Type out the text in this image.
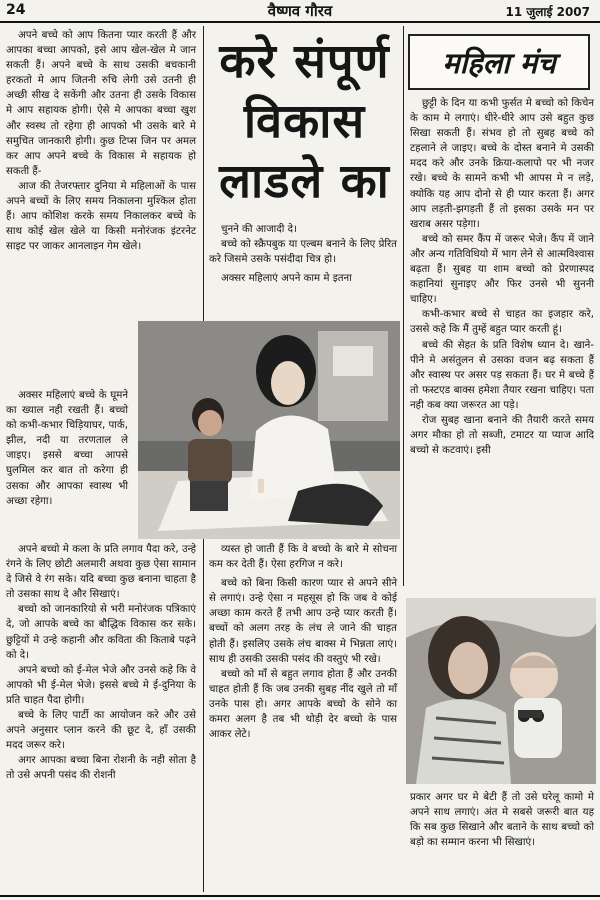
24	वैष्णव गौरव	11 जुलाई 2007

अपने बच्चे को आप कितना प्यार करती हैं और आपका बच्चा आपको, इसे आप खेल-खेल मे जान सकती हैं। अपने बच्चे के साथ उसकी बचकानी हरकतो मे आप जितनी रुचि लेगी उसे उतनी ही अच्छी सीख दे सकेंगी और उतना ही उसके विकास मे आप सहायक होगी। ऐसे मे आपका बच्चा खुश और स्वस्थ तो रहेगा ही आपको भी उसके बारे मे समुचित जानकारी होगी। कुछ टिप्स जिन पर अमल कर आप अपने बच्चे के विकास मे सहायक हो सकती हैं-

आज की तेजरफ्तार दुनिया मे महिलाओं के पास अपने बच्चों के लिए समय निकालना मुश्किल होता हैं। आप कोशिश करके समय निकालकर बच्चे के साथ कोई खेल खेले या किसी मनोरंजक इंटरनेट साइट पर जाकर आनलाइन गेम खेले।

अक्सर महिलाएं बच्चे के घूमने का ख्याल नही रखती हैं। बच्चो को कभी-कभार चिड़ियाघर, पार्क, झील, नदी या तरणताल ले जाइए। इससे बच्चा आपसे घुलमिल कर बात तो करेगा ही उसका और आपका स्वास्थ भी अच्छा रहेगा।

अपने बच्चो मे कला के प्रति लगाव पैदा करे, उन्हे रंगने के लिए छोटी अलमारी अथवा कुछ ऐसा सामान दे जिसे वे रंग सके। यदि बच्चा कुछ बनाना चाहता है तो उसका साथ दे और सिखाएं।

बच्चो को जानकारियो से भरी मनोरंजक पत्रिकाएं दे, जो आपके बच्चे का बौद्धिक विकास कर सके। छुट्टियों मे उन्हे कहानी और कविता की किताबे पढ़ने को दे।

अपने बच्चो को ई-मेल भेजे और उनसे कहे कि वे आपको भी ई-मेल भेजे। इससे बच्चे मे ई-दुनिया के प्रति चाहत पैदा होगी।

बच्चे के लिए पार्टी का आयोजन करे और उसे अपने अनुसार प्लान करने की छूट दे, हाँ उसकी मदद जरूर करे।

अगर आपका बच्चा बिना रोशनी के नही सोता है तो उसे अपनी पसंद की रोशनी

करे संपूर्ण
विकास
लाडले का
महिला मंच

चुनने की आजादी दे।

बच्चे को स्क्रैपबुक या एल्बम बनाने के लिए प्रेरित करे जिसमे उसके पसंदीदा चित्र हो।

अक्सर महिलाएं अपने काम मे इतना

व्यस्त हो जाती हैं कि वे बच्चो के बारे मे सोचना कम कर देती हैं। ऐसा हरगिज न करे।

बच्चे को बिना किसी कारण प्यार से अपने सीने से लगाएं। उन्हे ऐसा न महसूस हो कि जब वे कोई अच्छा काम करते हैं तभी आप उन्हे प्यार करती हैं। बच्चों को अलग तरह के लंच ले जाने की चाहत होती हैं। इसलिए उसके लंच बाक्स मे भिन्नता लाएं। साथ ही उसकी उसकी पसंद की वस्तुएं भी रखे।

बच्चो को माँ से बहुत लगाव होता हैं और उनकी चाहत होती हैं कि जब उनकी सुबह नींद खुले तो माँ उनके पास हो। अगर आपके बच्चो के सोने का कमरा अलग है तब भी थोड़ी देर बच्चो के पास आकर लेटे।

छुट्टी के दिन या कभी फुर्सत मे बच्चो को किचेन के काम मे लगाएं। धीरे-धीरे आप उसे बहुत कुछ सिखा सकती हैं। संभव हो तो सुबह बच्चे को टहलाने ले जाइए। बच्चे के दोस्त बनाने मे उसकी मदद करे और उनके क्रिया-कलापो पर भी नजर रखे। बच्चे के सामने कभी भी आपस मे न लड़े, क्योकि यह आप दोनो से ही प्यार करता हैं। अगर आप लड़ती-झगड़ती हैं तो इसका उसके मन पर खराब असर पड़ेगा।

बच्चे को समर कैंप में जरूर भेजे। कैंप में जाने और अन्य गतिविधियो में भाग लेने से आत्मविश्वास बढ़ता हैं। सुबह या शाम बच्चो को प्रेरणास्पद कहानियां सुनाइए और फिर उनसे भी सुननी चाहिए।

कभी-कभार बच्चे से चाहत का इजहार करे, उससे कहे कि मैं तुम्हें बहुत प्यार करती हूं।

बच्चे की सेहत के प्रति विशेष ध्यान दे। खाने-पीने मे असंतुलन से उसका वजन बढ़ सकता हैं और स्वास्थ पर असर पड़ सकता हैं। घर मे बच्चे हैं तो फस्टएड बाक्स हमेशा तैयार रखना चाहिए। पता नही कब क्या जरूरत आ पड़े।

रोज सुबह खाना बनाने की तैयारी करते समय अगर मौका हो तो सब्जी, टमाटर या प्याज आदि बच्चो से कटवाएं। इसी

प्रकार अगर घर मे बेटी हैं तो उसे घरेलू कामो मे अपने साथ लगाएं। अंत मे सबसे जरूरी बात यह कि सब कुछ सिखाने और बताने के साथ बच्चो को बड़ो का सम्मान करना भी सिखाएं।
